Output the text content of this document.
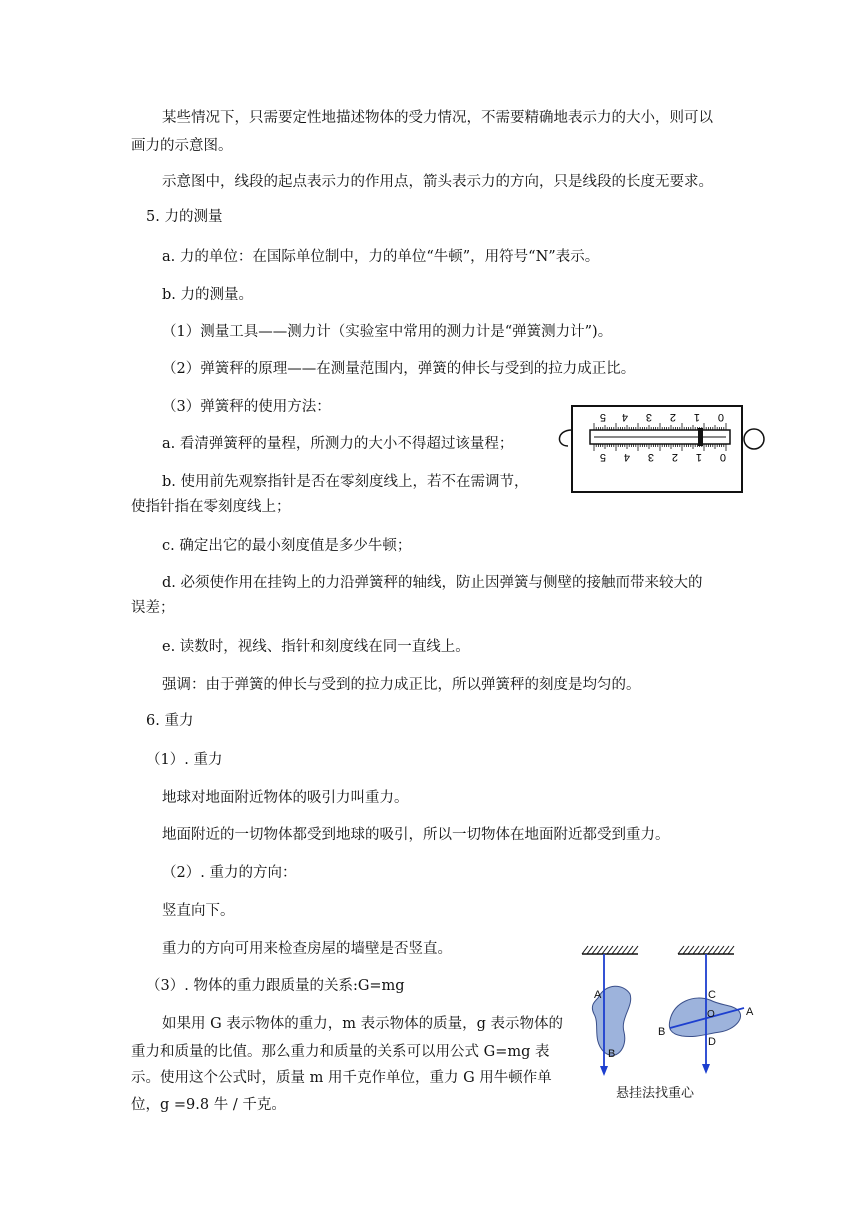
某些情况下，只需要定性地描述物体的受力情况，不需要精确地表示力的大小，则可以
画力的示意图。
示意图中，线段的起点表示力的作用点，箭头表示力的方向，只是线段的长度无要求。
5. 力的测量
a. 力的单位：在国际单位制中，力的单位“牛顿”，用符号“N”表示。
b. 力的测量。
（1）测量工具——测力计（实验室中常用的测力计是“弹簧测力计”)。
（2）弹簧秤的原理——在测量范围内，弹簧的伸长与受到的拉力成正比。
（3）弹簧秤的使用方法：
a. 看清弹簧秤的量程，所测力的大小不得超过该量程；
b. 使用前先观察指针是否在零刻度线上，若不在需调节，
使指针指在零刻度线上；
c. 确定出它的最小刻度值是多少牛顿；
d. 必须使作用在挂钩上的力沿弹簧秤的轴线，防止因弹簧与侧壁的接触而带来较大的
误差；
e. 读数时，视线、指针和刻度线在同一直线上。
强调：由于弹簧的伸长与受到的拉力成正比，所以弹簧秤的刻度是均匀的。
6. 重力
（1）. 重力
地球对地面附近物体的吸引力叫重力。
地面附近的一切物体都受到地球的吸引，所以一切物体在地面附近都受到重力。
（2）. 重力的方向：
竖直向下。
重力的方向可用来检查房屋的墙壁是否竖直。
（3）. 物体的重力跟质量的关系:G=mg
如果用 G 表示物体的重力，m 表示物体的质量，g 表示物体的
重力和质量的比值。那么重力和质量的关系可以用公式 G=mg 表
示。使用这个公式时，质量 m 用千克作单位，重力 G 用牛顿作单
位，g =9.8 牛 / 千克。
5 4 3 2 1 0
5 4 3 2 1 0
A
B
C
A
B
O
D
悬挂法找重心
